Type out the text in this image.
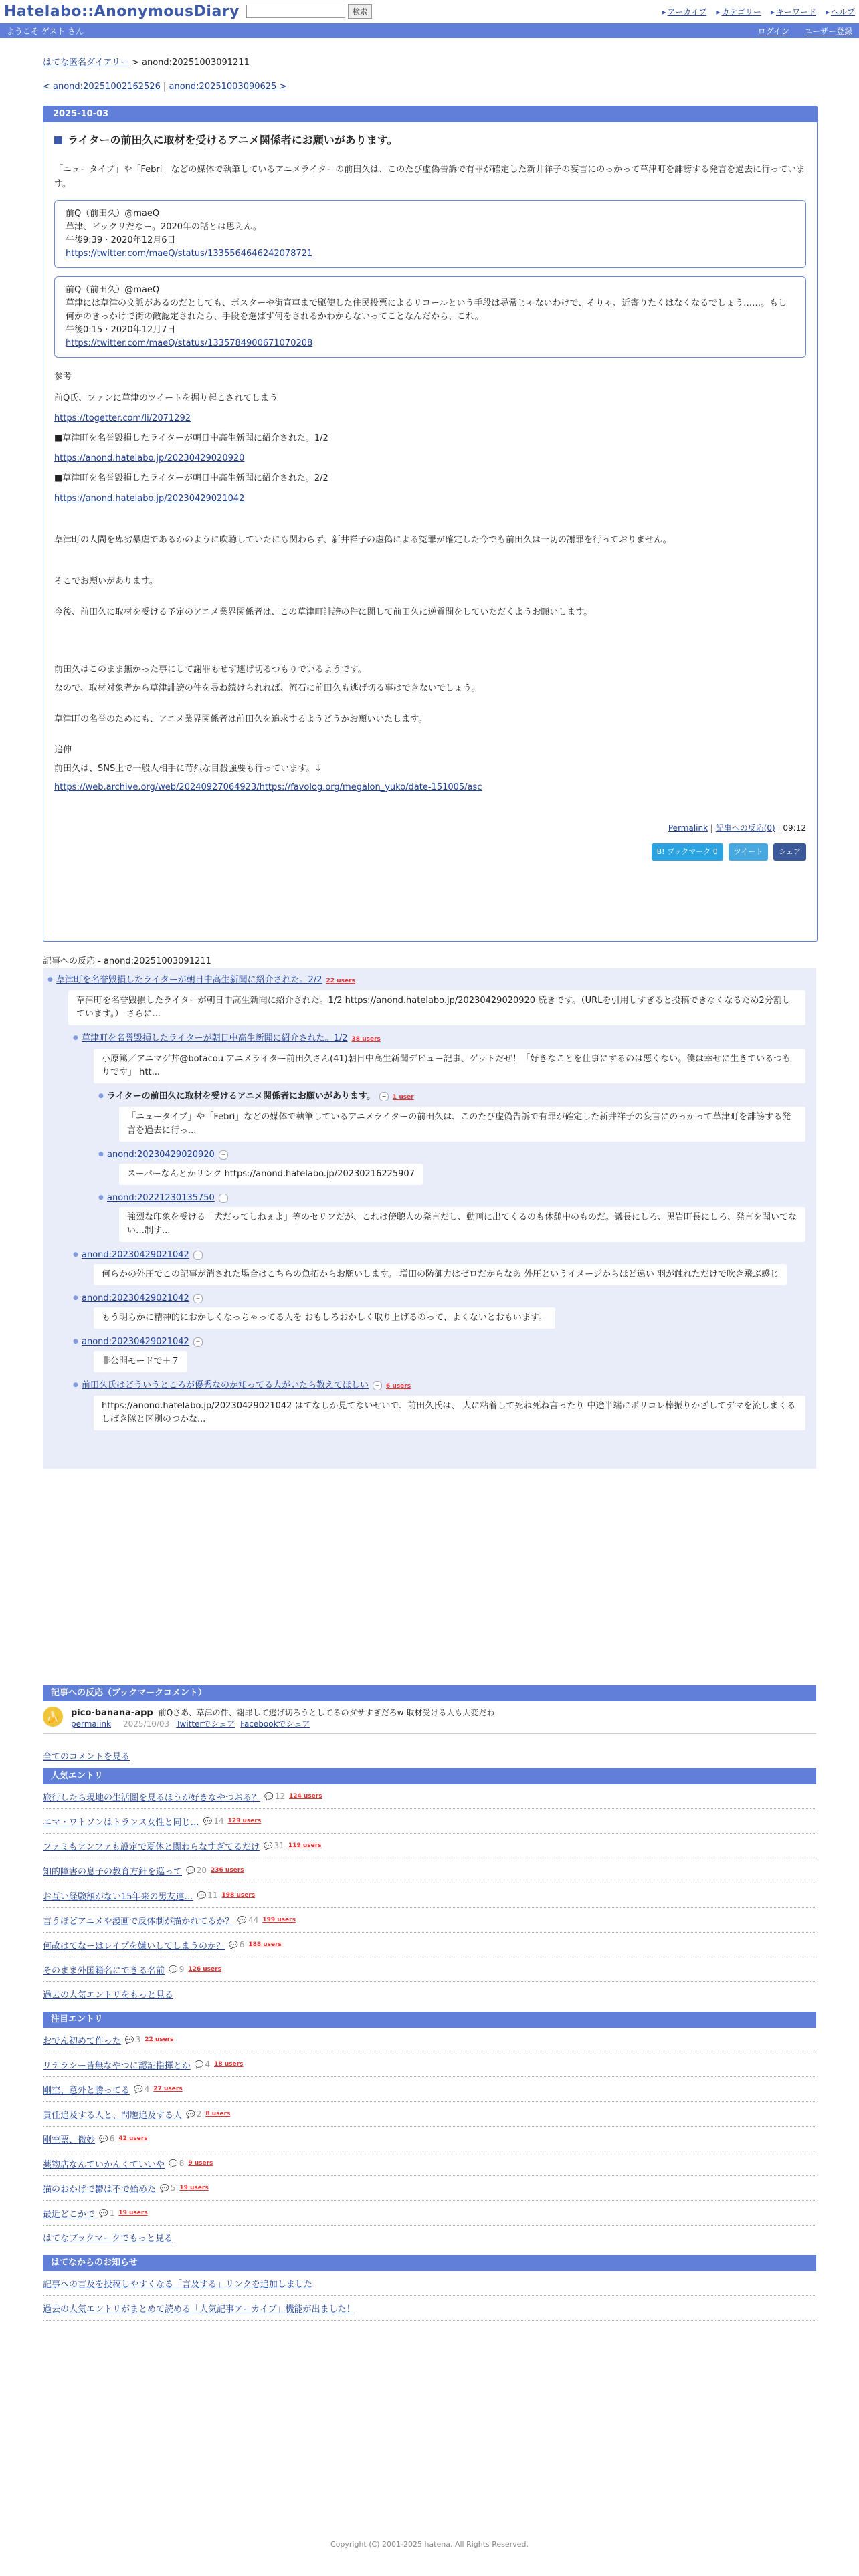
Hatelabo::AnonymousDiary	検索	▸ アーカイブ	▸ カテゴリー	▸ キーワード	▸ ヘルプ
ようこそ ゲスト さん	ログイン ユーザー登録
はてな匿名ダイアリー > anond:20251003091211
< anond:20251002162526 | anond:20251003090625 >
2025-10-03
ライターの前田久に取材を受けるアニメ関係者にお願いがあります。

「ニュータイプ」や「Febri」などの媒体で執筆しているアニメライターの前田久は、このたび虚偽告訴で有罪が確定した新井祥子の妄言にのっかって草津町を誹謗する発言を過去に行っています。

前Q（前田久）@maeQ
草津、ビックリだなー。2020年の話とは思えん。
午後9:39 · 2020年12月6日
https://twitter.com/maeQ/status/1335564646242078721
前Q（前田久）@maeQ
草津には草津の文脈があるのだとしても、ポスターや街宣車まで駆使した住民投票によるリコールという手段は尋常じゃないわけで、そりゃ、近寄りたくはなくなるでしょう……。もし何かのきっかけで街の敵認定されたら、手段を選ばず何をされるかわからないってことなんだから、これ。
午後0:15 · 2020年12月7日
https://twitter.com/maeQ/status/1335784900671070208
参考
前Q氏、ファンに草津のツイートを掘り起こされてしまう
https://togetter.com/li/2071292
■草津町を名誉毀損したライターが朝日中高生新聞に紹介された。1/2
https://anond.hatelabo.jp/20230429020920
■草津町を名誉毀損したライターが朝日中高生新聞に紹介された。2/2
https://anond.hatelabo.jp/20230429021042

草津町の人間を卑劣暴虐であるかのように吹聴していたにも関わらず、新井祥子の虚偽による冤罪が確定した今でも前田久は一切の謝罪を行っておりません。

そこでお願いがあります。

今後、前田久に取材を受ける予定のアニメ業界関係者は、この草津町誹謗の件に関して前田久に逆質問をしていただくようお願いします。

前田久はこのまま無かった事にして謝罪もせず逃げ切るつもりでいるようです。

なので、取材対象者から草津誹謗の件を尋ね続けられれば、流石に前田久も逃げ切る事はできないでしょう。

草津町の名誉のためにも、アニメ業界関係者は前田久を追求するようどうかお願いいたします。

追伸

前田久は、SNS上で一般人相手に苛烈な目殺強要も行っています。↓

https://web.archive.org/web/20240927064923/https://favolog.org/megalon_yuko/date-151005/asc

Permalink | 記事への反応(0) | 09:12
B! ブックマーク 0	ツイート	シェア
記事への反応 - anond:20251003091211
● 草津町を名誉毀損したライターが朝日中高生新聞に紹介された。2/2 22 users
草津町を名誉毀損したライターが朝日中高生新聞に紹介された。1/2 https://anond.hatelabo.jp/20230429020920 続きです。（URLを引用しすぎると投稿できなくなるため2分割しています。） さらに...
● 草津町を名誉毀損したライターが朝日中高生新聞に紹介された。1/2 38 users
小原篤／アニマゲ丼@botacou アニメライター前田久さん(41)朝日中高生新聞デビュー記事、ゲットだぜ！「好きなことを仕事にするのは悪くない。僕は幸せに生きているつもりです」 htt...
● ライターの前田久に取材を受けるアニメ関係者にお願いがあります。 − 1 user
「ニュータイプ」や「Febri」などの媒体で執筆しているアニメライターの前田久は、このたび虚偽告訴で有罪が確定した新井祥子の妄言にのっかって草津町を誹謗する発言を過去に行っ...
● anond:20230429020920 −
スーパーなんとかリンク https://anond.hatelabo.jp/20230216225907
● anond:20221230135750 −
強烈な印象を受ける「犬だってしねぇよ」等のセリフだが、これは傍聴人の発言だし、動画に出てくるのも休憩中のものだ。議長にしろ、黒岩町長にしろ、発言を聞いてない…制す...
● anond:20230429021042 −
何らかの外圧でこの記事が消された場合はこちらの魚拓からお願いします。 増田の防御力はゼロだからなあ 外圧というイメージからほど遠い 羽が触れただけで吹き飛ぶ感じ
● anond:20230429021042 −
もう明らかに精神的におかしくなっちゃってる人を おもしろおかしく取り上げるのって、よくないとおもいます。
● anond:20230429021042 −
非公開モードで＋７
● 前田久氏はどういうところが優秀なのか知ってる人がいたら教えてほしい − 6 users
https://anond.hatelabo.jp/20230429021042 はてなしか見てないせいで、前田久氏は、 人に粘着して死ね死ね言ったり 中途半端にポリコレ棒振りかざしてデマを流しまくる しばき隊と区別のつかな...
記事への反応（ブックマークコメント）
🍌	pico-banana-app 前Qさあ、草津の件、謝罪して逃げ切ろうとしてるのダサすぎだろw 取材受ける人も大変だわ
permalink 2025/10/03 Twitterでシェア Facebookでシェア
全てのコメントを見る
人気エントリ
旅行したら現地の生活圏を見るほうが好きなやつおる？	💬 12 124 users
エマ・ワトソンはトランス女性と同じ…	💬 14 129 users
ファミもアンファも設定で夏休と関わらなすぎてるだけ	💬 31 119 users
知的障害の息子の教育方針を巡って	💬 20 236 users
お互い経験額がない15年来の男友達…	💬 11 198 users
言うほどアニメや漫画で反体制が描かれてるか？	💬 44 199 users
何故はてなーはレイプを嫌いしてしまうのか？	💬 6 188 users
そのまま外国籍名にできる名前	💬 9 126 users
過去の人気エントリをもっと見る
注目エントリ
おでん初めて作った	💬 3 22 users
リテラシー皆無なやつに認証指揮とか	💬 4 18 users
剛空、意外と勝ってる	💬 4 27 users
責任追及する人と、問題追及する人	💬 2 8 users
剛空票、微妙	💬 6 42 users
薬物店なんていかんくていいや	💬 8 9 users
猫のおかげで鬱は不で始めた	💬 5 19 users
最近どこかで	💬 1 19 users
はてなブックマークでもっと見る
はてなからのお知らせ
記事への言及を投稿しやすくなる「言及する」リンクを追加しました
過去の人気エントリがまとめて読める「人気記事アーカイブ」機能が出ました！
Copyright (C) 2001-2025 hatena. All Rights Reserved.
